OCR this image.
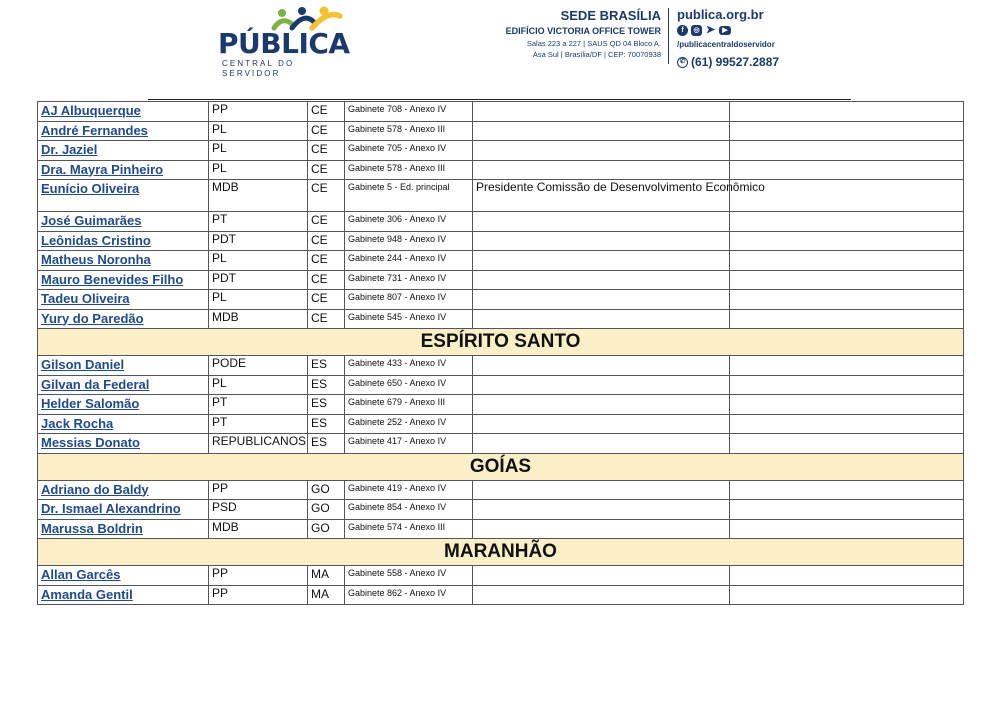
PÚBLICA
CENTRAL DO SERVIDOR
SEDE BRASÍLIA
EDIFÍCIO VICTORIA OFFICE TOWER
Salas 223 a 227 | SAUS QD 04 Bloco A.
Asa Sul | Brasília/DF | CEP: 70070938
publica.org.br
f	◎ ➤	▶
/publicacentraldoservidor
✆ (61) 99527.2887
AJ Albuquerque	PP	CE	Gabinete 708 - Anexo IV		
André Fernandes	PL	CE	Gabinete 578 - Anexo III		
Dr. Jaziel	PL	CE	Gabinete 705 - Anexo IV		
Dra. Mayra Pinheiro	PL	CE	Gabinete 578 - Anexo III		
Eunício Oliveira	MDB	CE	Gabinete 5 - Ed. principal	Presidente Comissão de Desenvolvimento Econômico	
José Guimarães	PT	CE	Gabinete 306 - Anexo IV		
Leônidas Cristino	PDT	CE	Gabinete 948 - Anexo IV		
Matheus Noronha	PL	CE	Gabinete 244 - Anexo IV		
Mauro Benevides Filho	PDT	CE	Gabinete 731 - Anexo IV		
Tadeu Oliveira	PL	CE	Gabinete 807 - Anexo IV		
Yury do Paredão	MDB	CE	Gabinete 545 - Anexo IV		
ESPÍRITO SANTO					
Gilson Daniel	PODE	ES	Gabinete 433 - Anexo IV		
Gilvan da Federal	PL	ES	Gabinete 650 - Anexo IV		
Helder Salomão	PT	ES	Gabinete 679 - Anexo III		
Jack Rocha	PT	ES	Gabinete 252 - Anexo IV		
Messias Donato	REPUBLICANOS	ES	Gabinete 417 - Anexo IV		
GOÍAS					
Adriano do Baldy	PP	GO	Gabinete 419 - Anexo IV		
Dr. Ismael Alexandrino	PSD	GO	Gabinete 854 - Anexo IV		
Marussa Boldrin	MDB	GO	Gabinete 574 - Anexo III		
MARANHÃO					
Allan Garcês	PP	MA	Gabinete 558 - Anexo IV		
Amanda Gentil	PP	MA	Gabinete 862 - Anexo IV		
